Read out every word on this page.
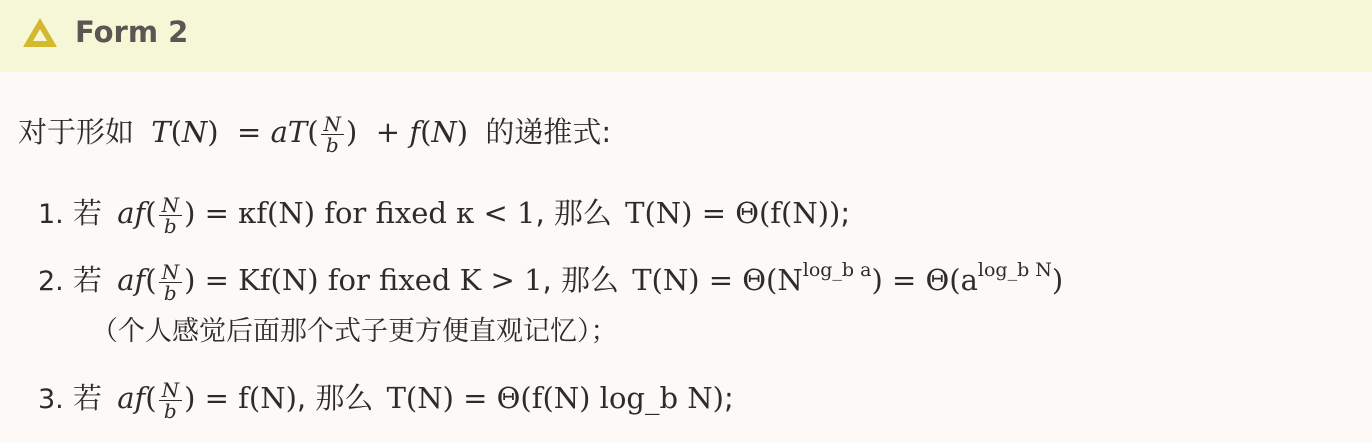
Form 2
对于形如 $T(N) = aT( \frac{N}{b}$ )  + f(N) 的递推式:
1. 若 $af( \frac{N}{b}$ ) = κf(N) for fixed κ < 1, 那么 T(N) = Θ(f(N));
2. 若 $af( \frac{N}{b}$ ) = Kf(N) for fixed K > 1, 那么 $T(N) = \Theta(N^{log\_b a}) = \Theta(a^{log\_b N})$
（个人感觉后面那个式子更方便直观记忆）；
3. 若 $af( \frac{N}{b}$ ) = f(N), 那么 T(N) = Θ(f(N) log_b N);
